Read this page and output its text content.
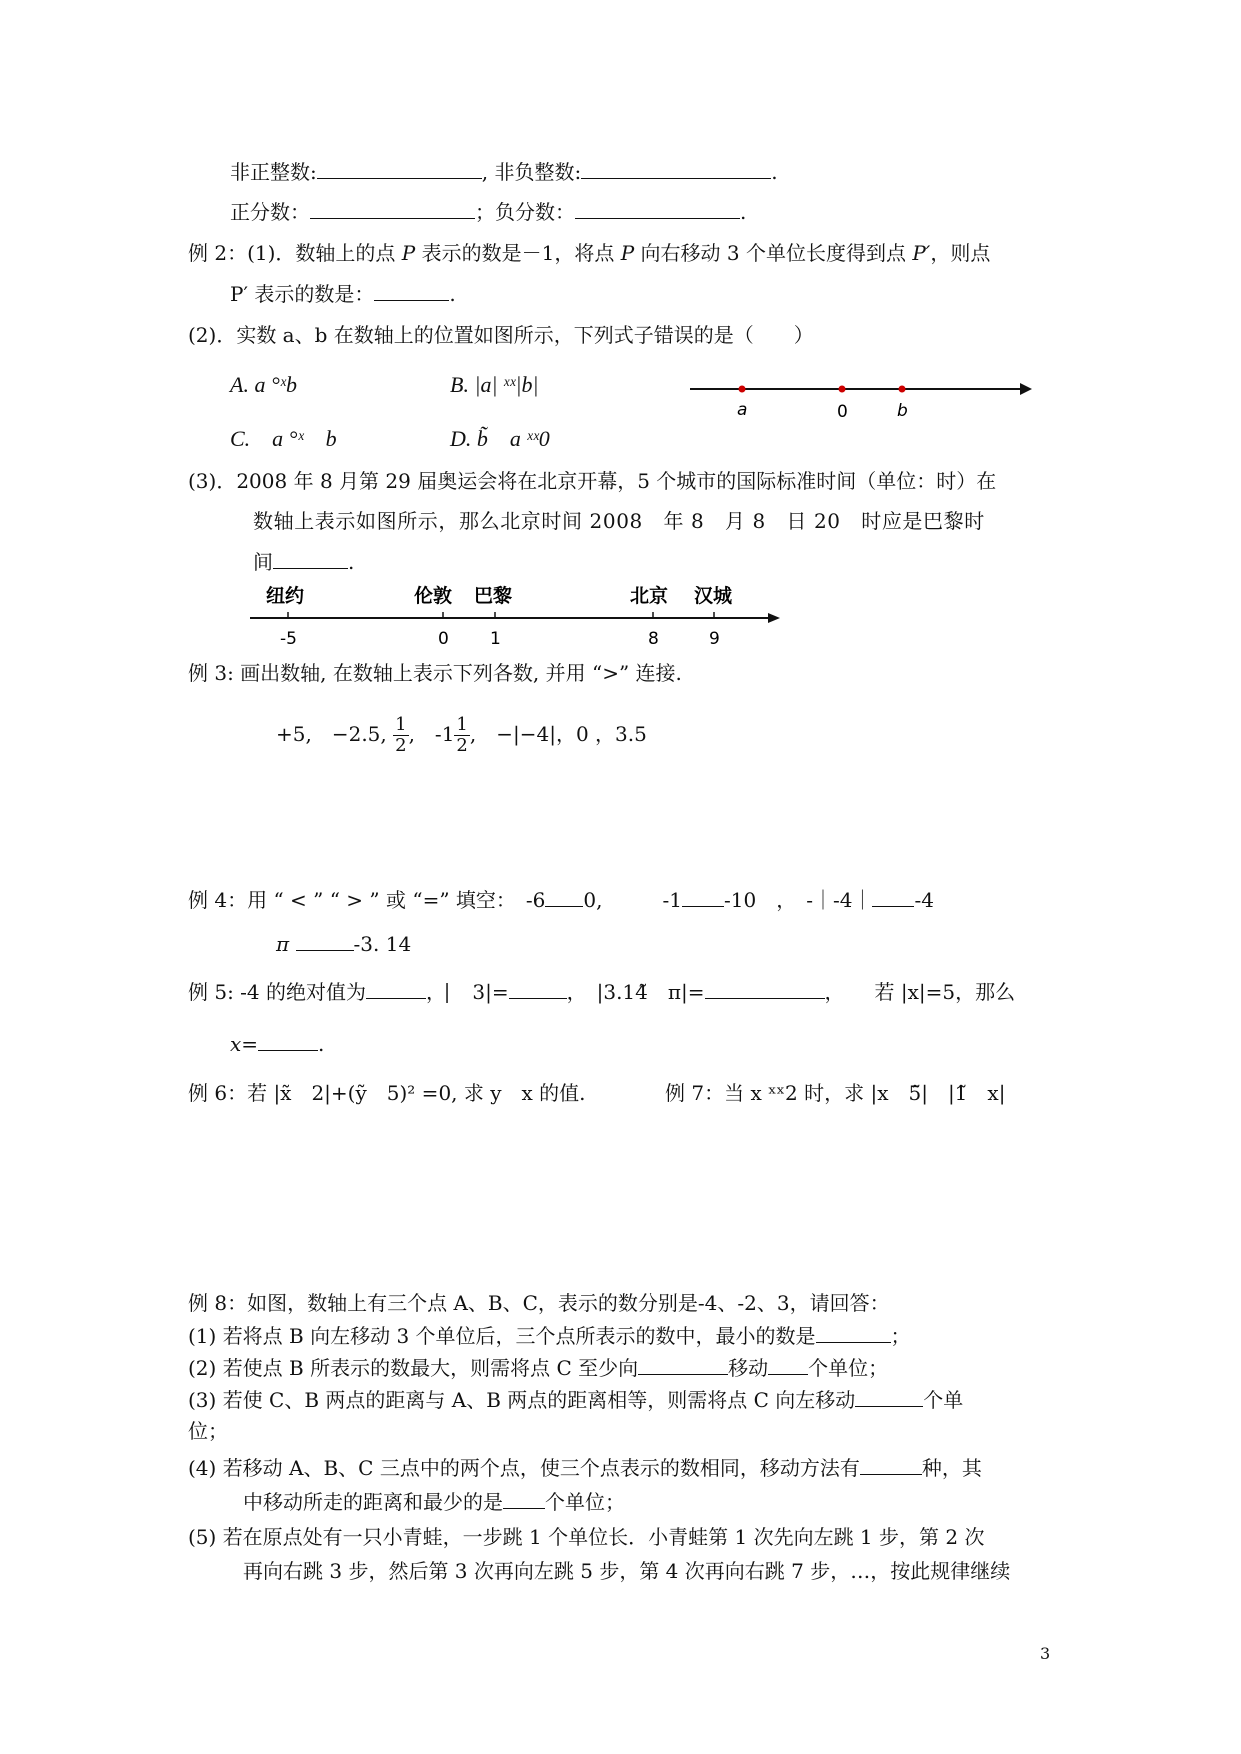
非正整数:	, 非负整数:	.
正分数：	；负分数：	.
例 2：(1)．数轴上的点 P 表示的数是－1，将点 P 向右移动 3 个单位长度得到点 P′，则点
P′ 表示的数是：	.
(2)．实数 a、b 在数轴上的位置如图所示，下列式子错误的是（　　）
A. a °ˣb	B. |a| ˣˣ|b|
C.　a °ˣ　b	D. b̃　a ˣˣ0
a	0	b
(3)．2008 年 8 月第 29 届奥运会将在北京开幕，5 个城市的国际标准时间（单位：时）在
数轴上表示如图所示，那么北京时间 2008　年 8　月 8　日 20　时应是巴黎时
间	.
纽约	伦敦 巴黎	北京 汉城
-5	0 1	8	9
例 3: 画出数轴, 在数轴上表示下列各数, 并用 “>” 连接.
+5,　−2.5, $\frac{1}{2}$ ,　$-1 \frac{1}{2}$ ,　−|−4|，0 ，3.5
例 4：用 “ < ” “ > ” 或 “=” 填空：　-6 0,　　　-1 -10　，　-｜-4｜ -4
π	-3. 14
例 5: -4 的绝对值为	，⎸ 3|=	，　|3.14̃　π|=	，　　若 |x|=5，那么
x=	.
例 6：若 |x̃　2|+(ỹ　5)² =0, 求 y　x 的值.	例 7：当 x ˣˣ2 时，求 |x　5̃|　|1̃　x|
例 8：如图，数轴上有三个点 A、B、C，表示的数分别是-4、-2、3，请回答：
(1) 若将点 B 向左移动 3 个单位后，三个点所表示的数中，最小的数是	；
(2) 若使点 B 所表示的数最大，则需将点 C 至少向	移动 个单位；
(3) 若使 C、B 两点的距离与 A、B 两点的距离相等，则需将点 C 向左移动	个单
位；
(4) 若移动 A、B、C 三点中的两个点，使三个点表示的数相同，移动方法有	种，其
中移动所走的距离和最少的是 个单位；
(5) 若在原点处有一只小青蛙，一步跳 1 个单位长．小青蛙第 1 次先向左跳 1 步，第 2 次
再向右跳 3 步，然后第 3 次再向左跳 5 步，第 4 次再向右跳 7 步，…，按此规律继续
3
